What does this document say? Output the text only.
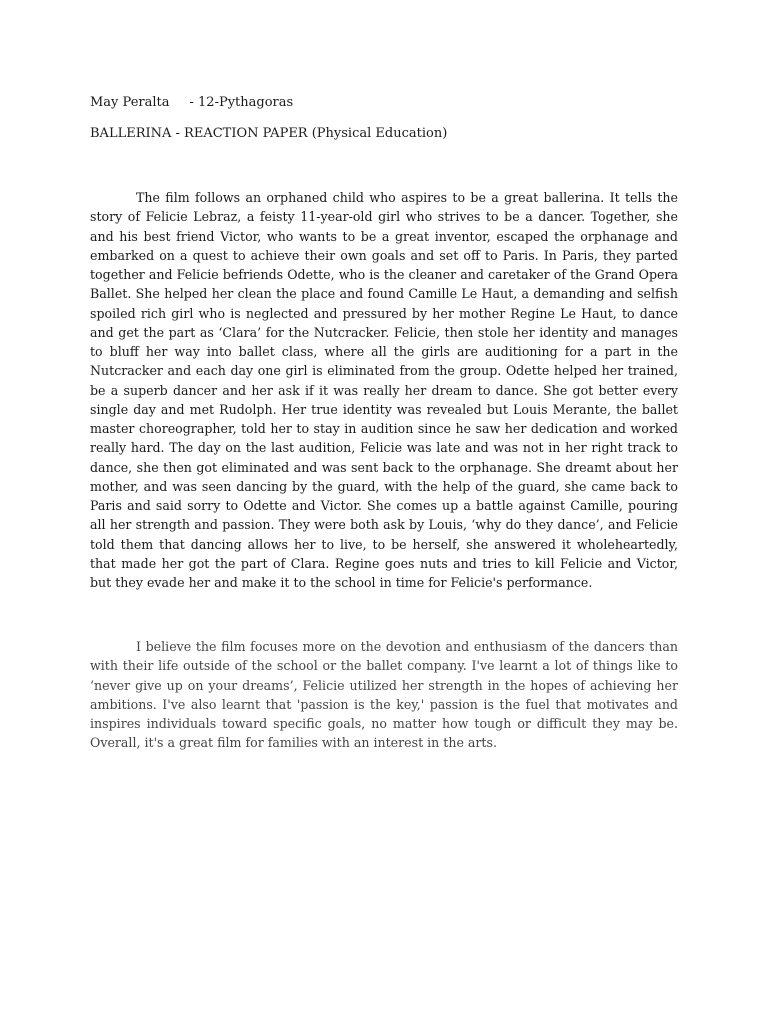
May Peralta - 12-Pythagoras
BALLERINA - REACTION PAPER (Physical Education)

The film follows an orphaned child who aspires to be a great ballerina. It tells the story of Felicie Lebraz, a feisty 11-year-old girl who strives to be a dancer. Together, she and his best friend Victor, who wants to be a great inventor, escaped the orphanage and embarked on a quest to achieve their own goals and set off to Paris. In Paris, they parted together and Felicie befriends Odette, who is the cleaner and caretaker of the Grand Opera Ballet. She helped her clean the place and found Camille Le Haut, a demanding and selfish spoiled rich girl who is neglected and pressured by her mother Regine Le Haut, to dance and get the part as ‘Clara’ for the Nutcracker. Felicie, then stole her identity and manages to bluff her way into ballet class, where all the girls are auditioning for a part in the Nutcracker and each day one girl is eliminated from the group. Odette helped her trained, be a superb dancer and her ask if it was really her dream to dance. She got better every single day and met Rudolph. Her true identity was revealed but Louis Merante, the ballet master choreographer, told her to stay in audition since he saw her dedication and worked really hard. The day on the last audition, Felicie was late and was not in her right track to dance, she then got eliminated and was sent back to the orphanage. She dreamt about her mother, and was seen dancing by the guard, with the help of the guard, she came back to Paris and said sorry to Odette and Victor. She comes up a battle against Camille, pouring all her strength and passion. They were both ask by Louis, ‘why do they dance’, and Felicie told them that dancing allows her to live, to be herself, she answered it wholeheartedly, that made her got the part of Clara. Regine goes nuts and tries to kill Felicie and Victor, but they evade her and make it to the school in time for Felicie's performance.

I believe the film focuses more on the devotion and enthusiasm of the dancers than with their life outside of the school or the ballet company. I've learnt a lot of things like to ‘never give up on your dreams’, Felicie utilized her strength in the hopes of achieving her ambitions. I've also learnt that 'passion is the key,' passion is the fuel that motivates and inspires individuals toward specific goals, no matter how tough or difficult they may be. Overall, it's a great film for families with an interest in the arts.
